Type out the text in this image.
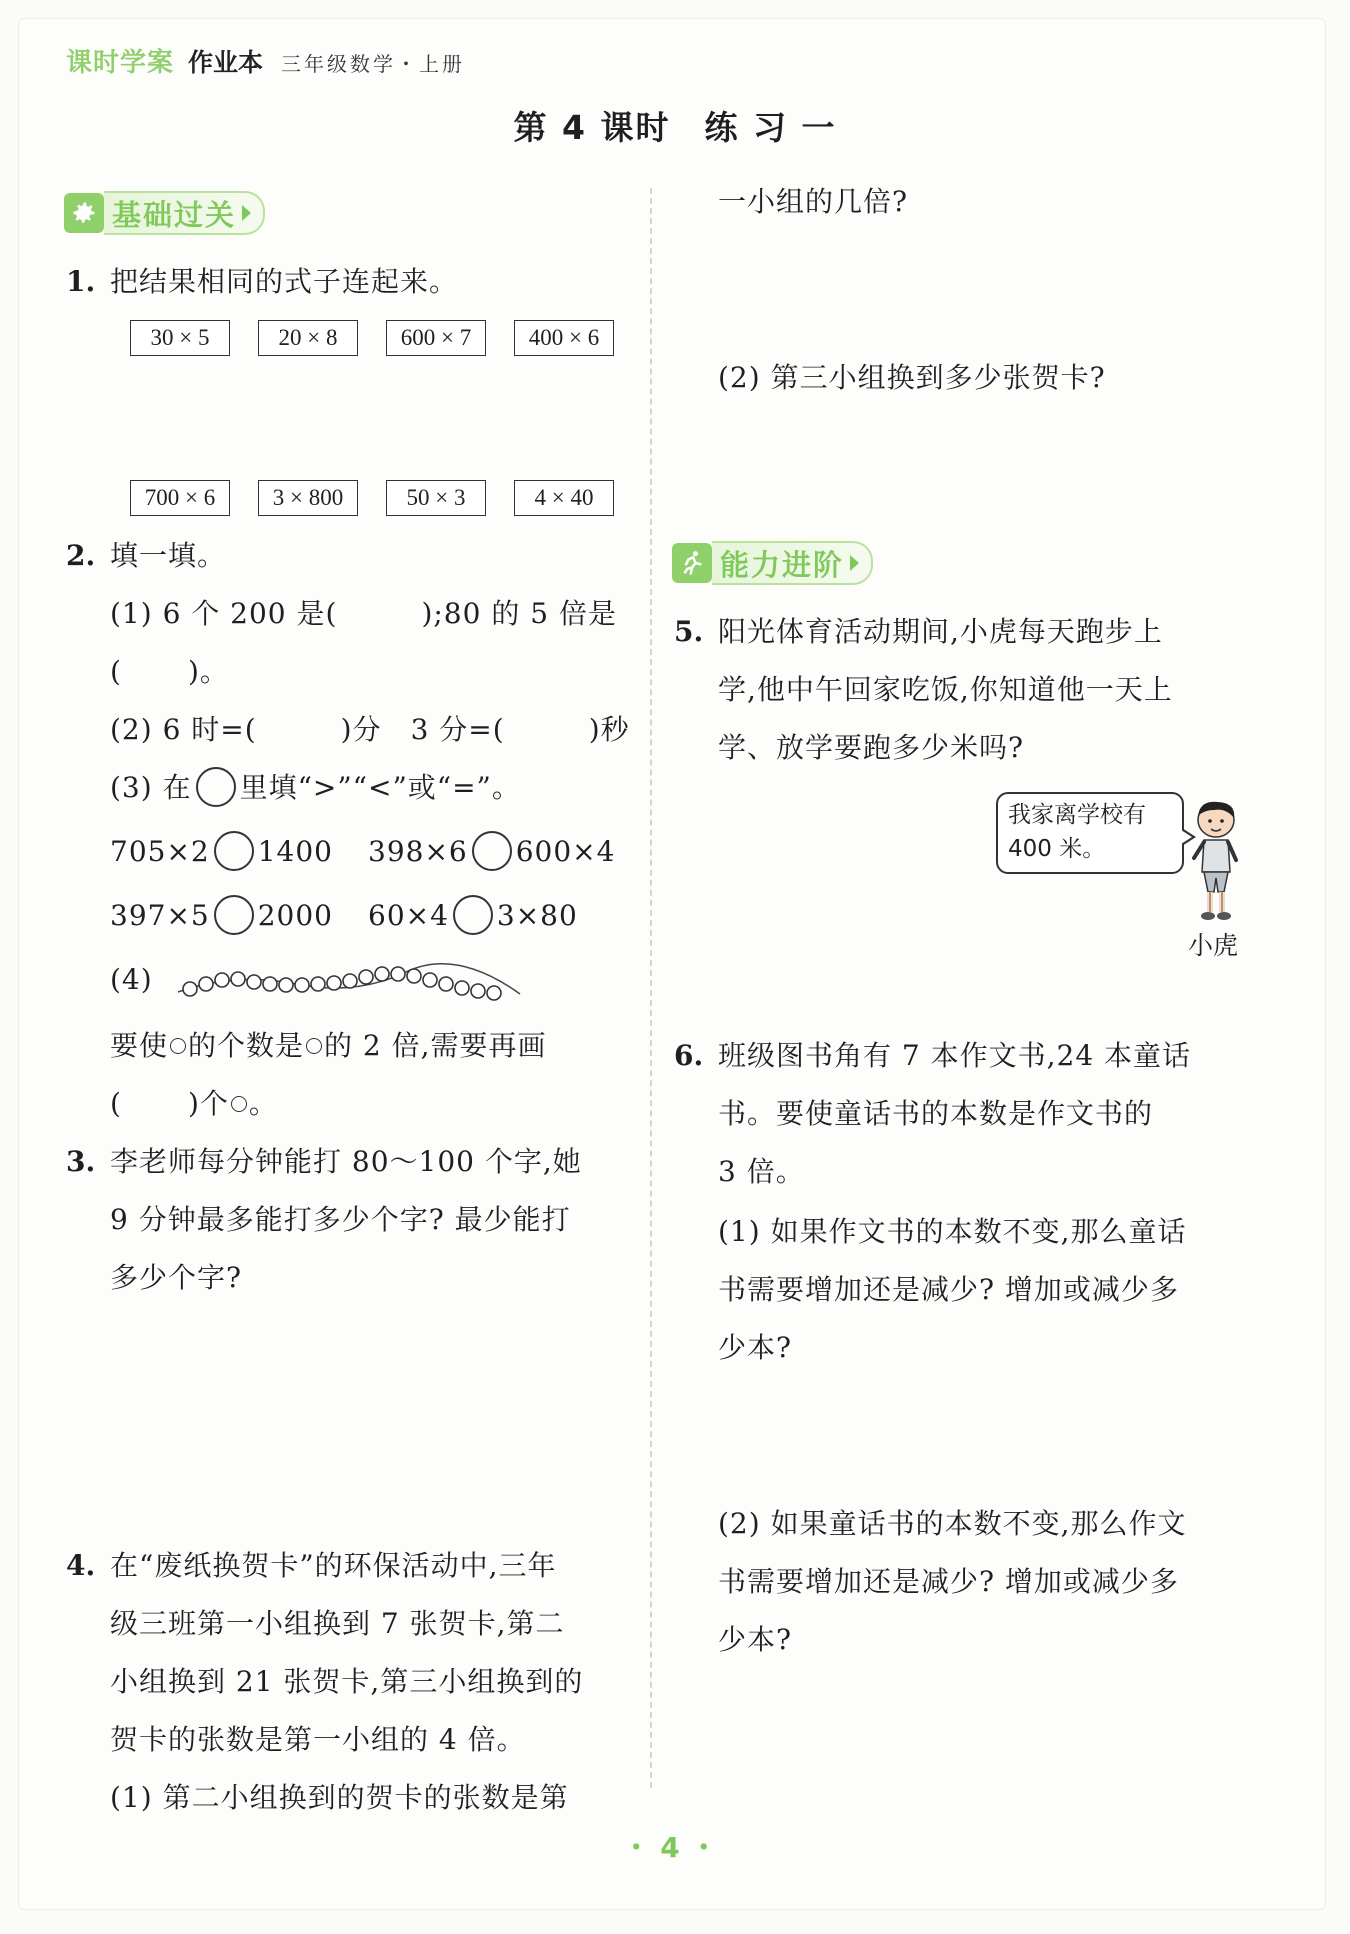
课时学案 作业本 三年级数学・上册
第 4 课时 练 习 一
基础过关
1. 把结果相同的式子连起来。
30 × 5	20 × 8	600 × 7	400 × 6
700 × 6	3 × 800	50 × 3	4 × 40
2. 填一填。
(1) 6 个 200 是(	);80 的 5 倍是
( )。
(2) 6 时=(	)分　3 分=(	)秒
(3) 在 里填“>”“<”或“=”。
705×2 1400 398×6 600×4
397×5 2000 60×4 3×80
(4)
要使 的个数是 的 2 倍,需要再画
( )个 。
3. 李老师每分钟能打 80～100 个字,她
9 分钟最多能打多少个字? 最少能打
多少个字?
4. 在“废纸换贺卡”的环保活动中,三年
级三班第一小组换到 7 张贺卡,第二
小组换到 21 张贺卡,第三小组换到的
贺卡的张数是第一小组的 4 倍。
(1) 第二小组换到的贺卡的张数是第
一小组的几倍?
(2) 第三小组换到多少张贺卡?
能力进阶
5. 阳光体育活动期间,小虎每天跑步上
学,他中午回家吃饭,你知道他一天上
学、放学要跑多少米吗?
我家离学校有
400 米。
小虎
6. 班级图书角有 7 本作文书,24 本童话
书。要使童话书的本数是作文书的
3 倍。
(1) 如果作文书的本数不变,那么童话
书需要增加还是减少? 增加或减少多
少本?
(2) 如果童话书的本数不变,那么作文
书需要增加还是减少? 增加或减少多
少本?
・4・
